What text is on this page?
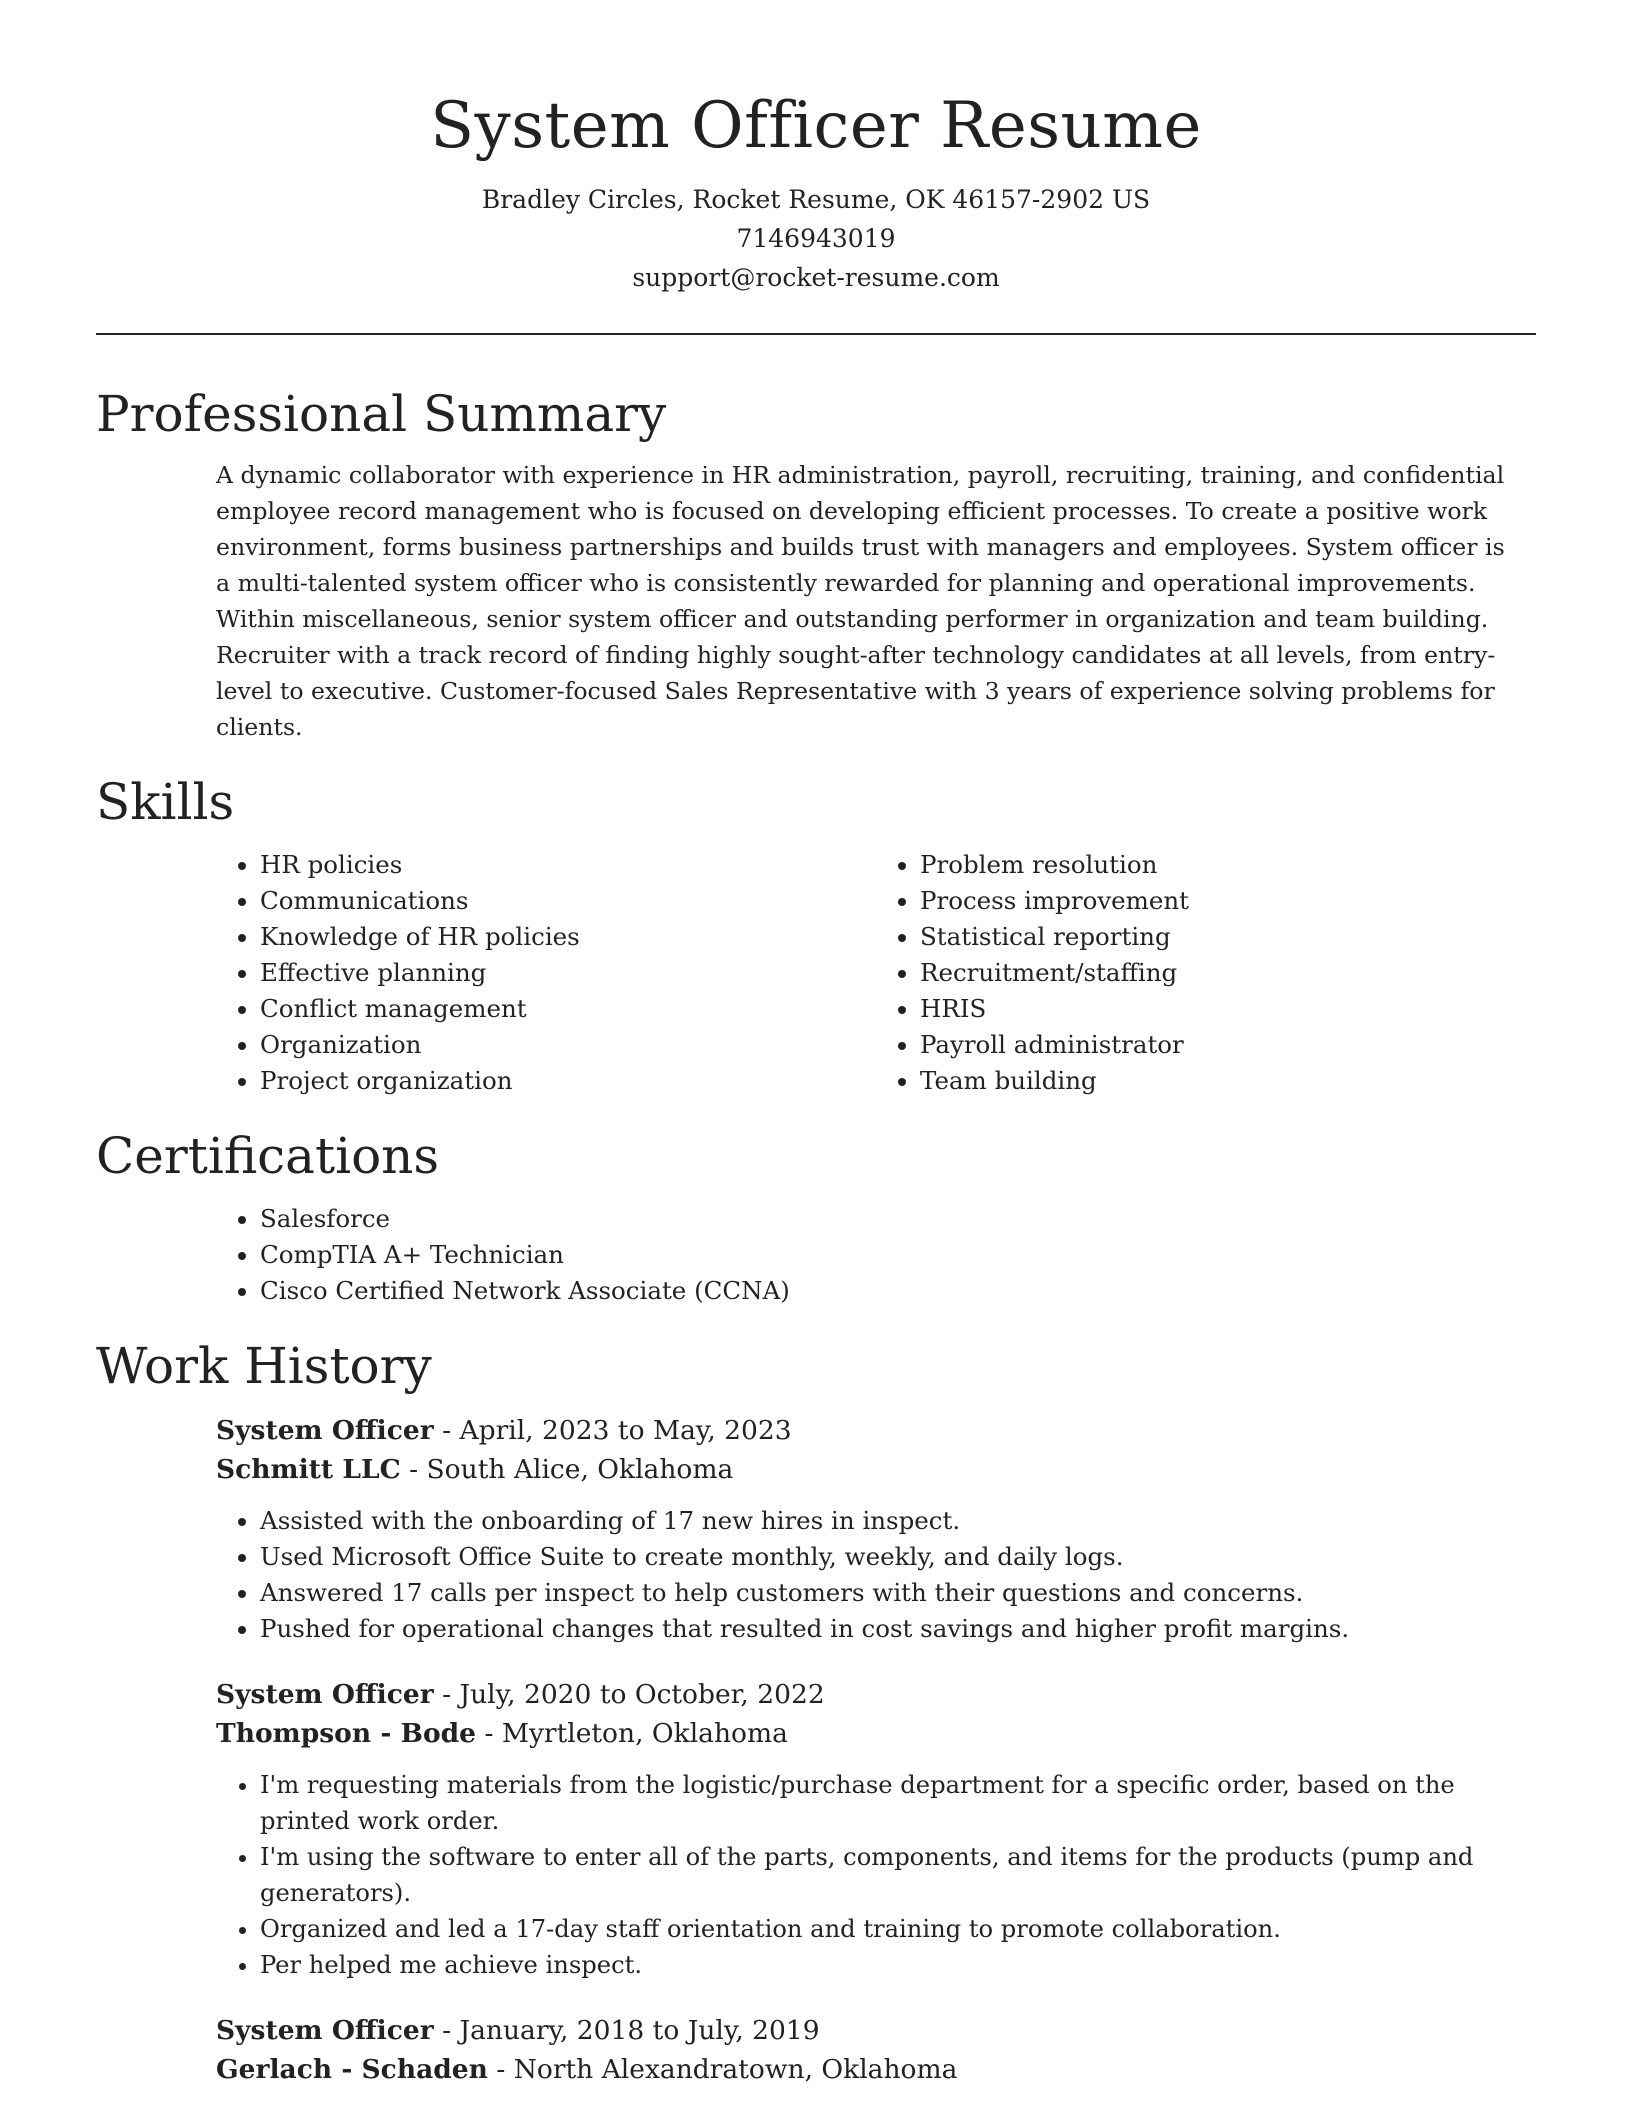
System Officer Resume

Bradley Circles, Rocket Resume, OK 46157-2902 US

7146943019

support@rocket-resume.com

Professional Summary

A dynamic collaborator with experience in HR administration, payroll, recruiting, training, and confidential employee record management who is focused on developing efficient processes. To create a positive work environment, forms business partnerships and builds trust with managers and employees. System officer is a multi-talented system officer who is consistently rewarded for planning and operational improvements. Within miscellaneous, senior system officer and outstanding performer in organization and team building. Recruiter with a track record of finding highly sought-after technology candidates at all levels, from entry-level to executive. Customer-focused Sales Representative with 3 years of experience solving problems for clients.

Skills
• HR policies
• Communications
• Knowledge of HR policies
• Effective planning
• Conflict management
• Organization
• Project organization
• Problem resolution
• Process improvement
• Statistical reporting
• Recruitment/staffing
• HRIS
• Payroll administrator
• Team building
Certifications
• Salesforce
• CompTIA A+ Technician
• Cisco Certified Network Associate (CCNA)
Work History

System Officer - April, 2023 to May, 2023

Schmitt LLC - South Alice, Oklahoma

• Assisted with the onboarding of 17 new hires in inspect.
• Used Microsoft Office Suite to create monthly, weekly, and daily logs.
• Answered 17 calls per inspect to help customers with their questions and concerns.
• Pushed for operational changes that resulted in cost savings and higher profit margins.

System Officer - July, 2020 to October, 2022

Thompson - Bode - Myrtleton, Oklahoma

• I'm requesting materials from the logistic/purchase department for a specific order, based on the printed work order.
• I'm using the software to enter all of the parts, components, and items for the products (pump and generators).
• Organized and led a 17-day staff orientation and training to promote collaboration.
• Per helped me achieve inspect.

System Officer - January, 2018 to July, 2019

Gerlach - Schaden - North Alexandratown, Oklahoma
